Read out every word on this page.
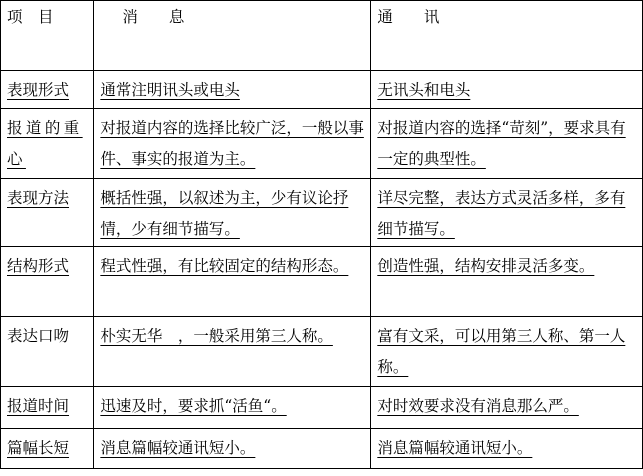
项　目	消　　息	通　　讯
表现形式	通常注明讯头或电头	无讯头和电头
报道的重心	对报道内容的选择比较广泛，一般以事件、事实的报道为主。	对报道内容的选择“苛刻”，要求具有一定的典型性。
表现方法	概括性强，以叙述为主，少有议论抒情，少有细节描写。	详尽完整，表达方式灵活多样，多有细节描写。
结构形式	程式性强，有比较固定的结构形态。	创造性强，结构安排灵活多变。
表达口吻	朴实无华　，一般采用第三人称。	富有文采，可以用第三人称、第一人称。
报道时间	迅速及时，要求抓“活鱼“。	对时效要求没有消息那么严。
篇幅长短	消息篇幅较通讯短小。	消息篇幅较通讯短小。
